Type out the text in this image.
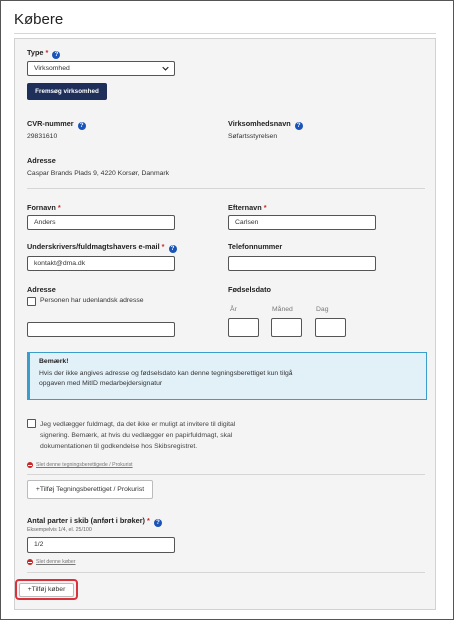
Købere
Type * ?
Virksomhed
Fremsøg virksomhed
CVR-nummer ?
29831610
Virksomhedsnavn ?
Søfartsstyrelsen
Adresse
Caspar Brands Plads 9, 4220 Korsør, Danmark
Fornavn *
Anders
Efternavn *
Carlsen
Underskrivers/fuldmagtshavers e-mail * ?
kontakt@dma.dk
Telefonnummer
Adresse
Personen har udenlandsk adresse
Fødselsdato
År	Måned	Dag
Bemærk!
Hvis der ikke angives adresse og fødselsdato kan denne tegningsberettiget kun tilgå opgaven med MitID medarbejdersignatur
Jeg vedlægger fuldmagt, da det ikke er muligt at invitere til digital signering. Bemærk, at hvis du vedlægger en papirfuldmagt, skal dokumentationen til godkendelse hos Skibsregistret.
Slet denne tegningsberettigede / Prokurist
+Tilføj Tegningsberettiget / Prokurist
Antal parter i skib (anført i brøker) * ?
Eksempelvis 1/4, el. 25/100
1/2
Slet denne køber
+Tilføj køber
